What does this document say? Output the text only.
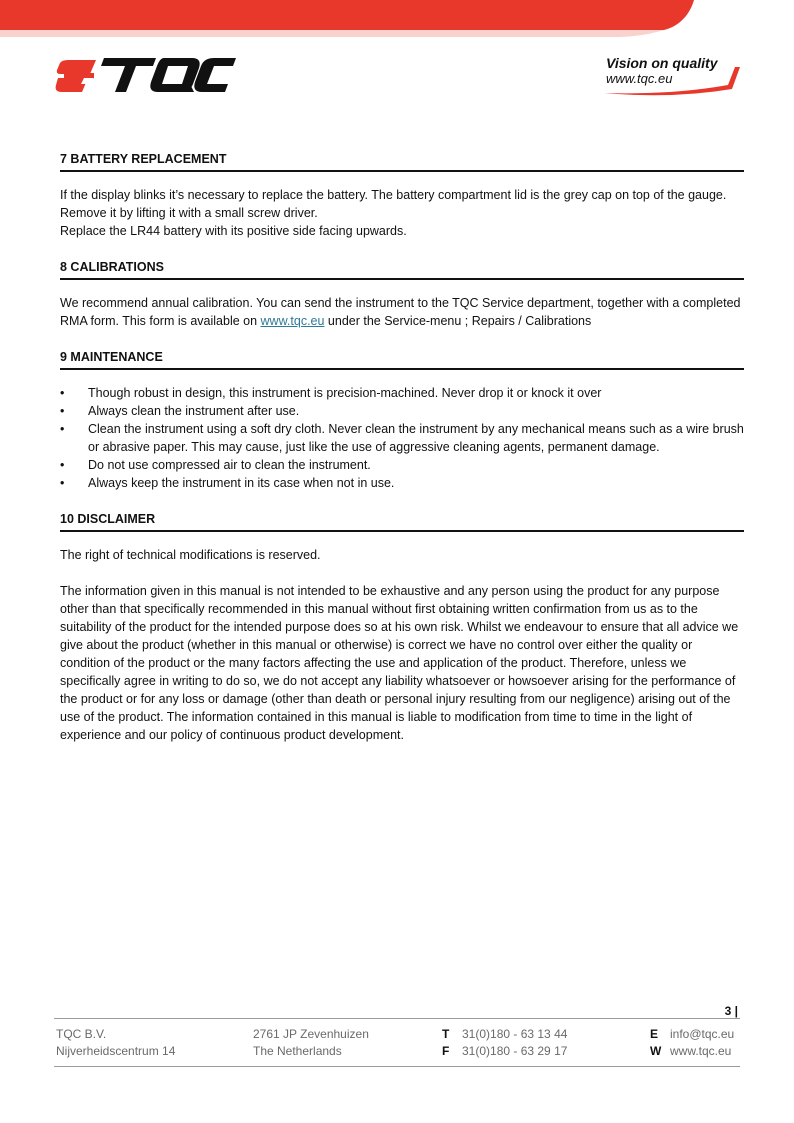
Vision on quality
www.tqc.eu
7 BATTERY REPLACEMENT

If the display blinks it’s necessary to replace the battery. The battery compartment lid is the grey cap on top of the gauge. Remove it by lifting it with a small screw driver.

Replace the LR44 battery with its positive side facing upwards.

8 CALIBRATIONS

We recommend annual calibration. You can send the instrument to the TQC Service department, together with a completed RMA form. This form is available on www.tqc.eu under the Service-menu ; Repairs / Calibrations

9 MAINTENANCE
• Though robust in design, this instrument is precision-machined. Never drop it or knock it over
• Always clean the instrument after use.
• Clean the instrument using a soft dry cloth. Never clean the instrument by any mechanical means such as a wire brush or abrasive paper. This may cause, just like the use of aggressive cleaning agents, permanent damage.
• Do not use compressed air to clean the instrument.
• Always keep the instrument in its case when not in use.
10 DISCLAIMER

The right of technical modifications is reserved.

The information given in this manual is not intended to be exhaustive and any person using the product for any purpose other than that specifically recommended in this manual without first obtaining written confirmation from us as to the suitability of the product for the intended purpose does so at his own risk. Whilst we endeavour to ensure that all advice we give about the product (whether in this manual or otherwise) is correct we have no control over either the quality or condition of the product or the many factors affecting the use and application of the product. Therefore, unless we specifically agree in writing to do so, we do not accept any liability whatsoever or howsoever arising for the performance of the product or for any loss or damage (other than death or personal injury resulting from our negligence) arising out of the use of the product. The information contained in this manual is liable to modification from time to time in the light of experience and our policy of continuous product development.

3 |
TQC B.V.
Nijverheidscentrum 14
2761 JP Zevenhuizen
The Netherlands
T 31(0)180 - 63 13 44
F 31(0)180 - 63 29 17
E info@tqc.eu
W www.tqc.eu
